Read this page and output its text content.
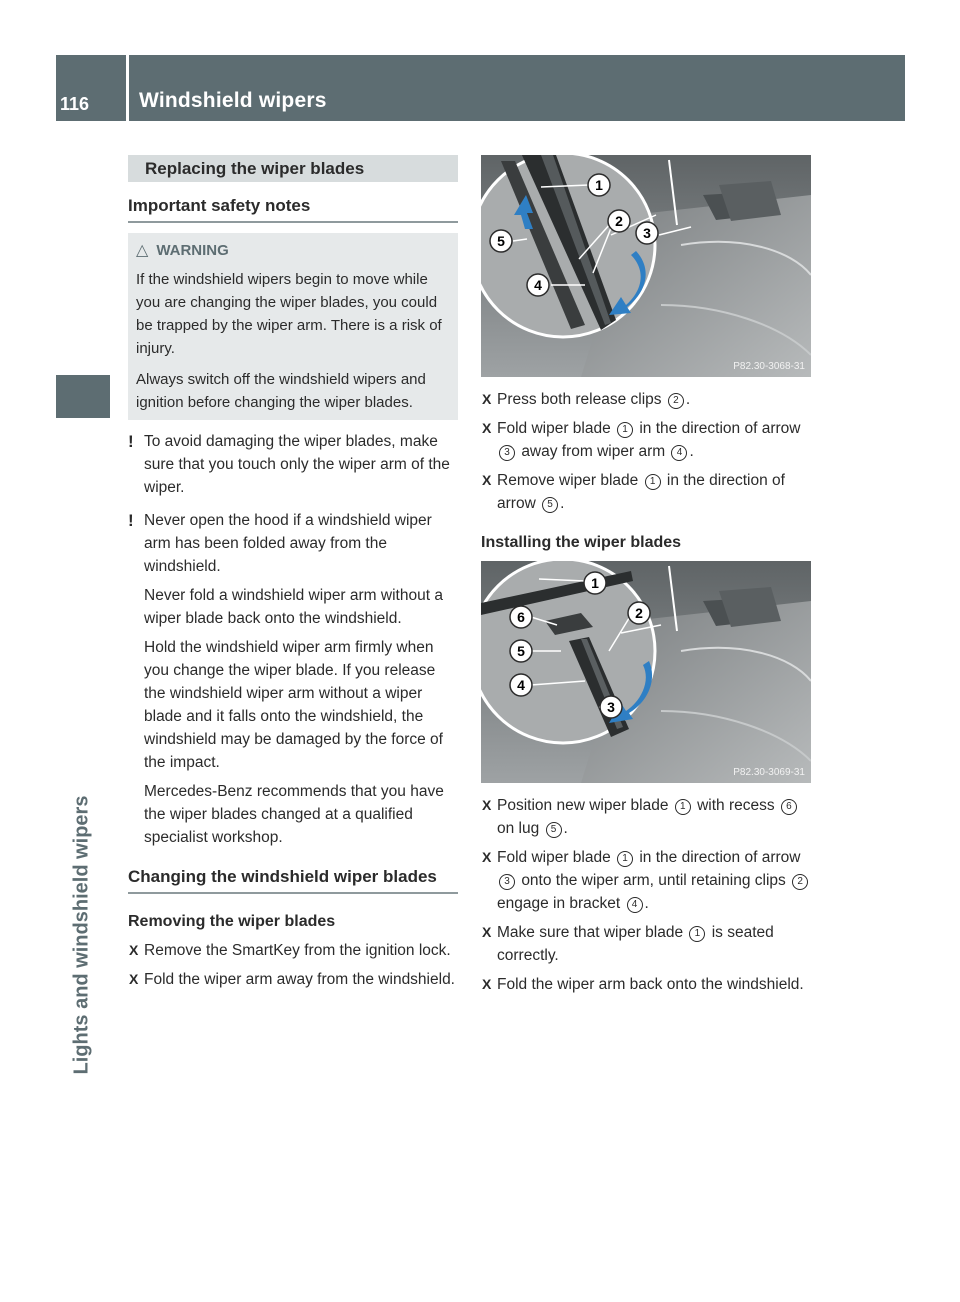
116	Windshield wipers
Lights and windshield wipers
Replacing the wiper blades
Important safety notes
△ WARNING

If the windshield wipers begin to move while you are changing the wiper blades, you could be trapped by the wiper arm. There is a risk of injury.

Always switch off the windshield wipers and ignition before changing the wiper blades.

! To avoid damaging the wiper blades, make sure that you touch only the wiper arm of the wiper.

! Never open the hood if a windshield wiper arm has been folded away from the windshield.

Never fold a windshield wiper arm without a wiper blade back onto the windshield.

Hold the windshield wiper arm firmly when you change the wiper blade. If you release the windshield wiper arm without a wiper blade and it falls onto the windshield, the windshield may be damaged by the force of the impact.

Mercedes-Benz recommends that you have the wiper blades changed at a qualified specialist workshop.

Changing the windshield wiper blades

Removing the wiper blades

X Remove the SmartKey from the ignition lock.

X Fold the wiper arm away from the windshield.

1
2
3
4
5
P82.30-3068-31
X Press both release clips 2 .

X Fold wiper blade 1 in the direction of arrow 3 away from wiper arm 4 .

X Remove wiper blade 1 in the direction of arrow 5 .

Installing the wiper blades

1
2
3
4
5
6
P82.30-3069-31
X Position new wiper blade 1 with recess 6 on lug 5 .

X Fold wiper blade 1 in the direction of arrow 3 onto the wiper arm, until retaining clips 2 engage in bracket 4 .

X Make sure that wiper blade 1 is seated correctly.

X Fold the wiper arm back onto the windshield.
